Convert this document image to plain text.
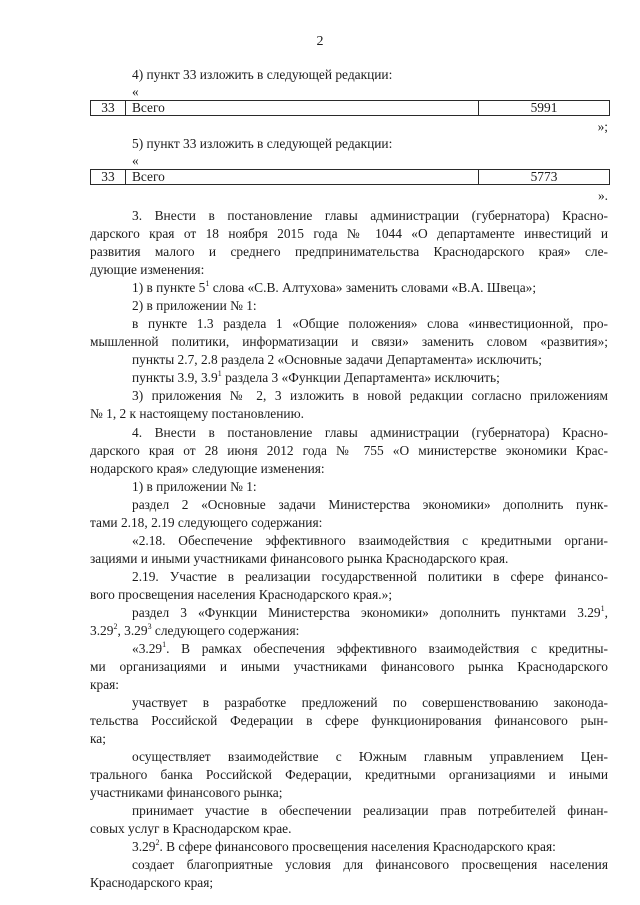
2
4) пункт 33 изложить в следующей редакции:
«
33	Всего	5991
»;
5) пункт 33 изложить в следующей редакции:
«
33	Всего	5773
».
3. Внести в постановление главы администрации (губернатора) Красно-
дарского края от 18 ноября 2015 года № 1044 «О департаменте инвестиций и
развития малого и среднего предпринимательства Краснодарского края» сле-
дующие изменения:
1) в пункте $5^1$ слова «С.В. Алтухова» заменить словами «В.А. Швеца»;
2) в приложении № 1:
в пункте 1.3 раздела 1 «Общие положения» слова «инвестиционной, про-
мышленной политики, информатизации и связи» заменить словом «развития»;
пункты 2.7, 2.8 раздела 2 «Основные задачи Департамента» исключить;
пункты 3.9, $3.9^1$ раздела 3 «Функции Департамента» исключить;
3) приложения № 2, 3 изложить в новой редакции согласно приложениям
№ 1, 2 к настоящему постановлению.
4. Внести в постановление главы администрации (губернатора) Красно-
дарского края от 28 июня 2012 года № 755 «О министерстве экономики Крас-
нодарского края» следующие изменения:
1) в приложении № 1:
раздел 2 «Основные задачи Министерства экономики» дополнить пунк-
тами 2.18, 2.19 следующего содержания:
«2.18. Обеспечение эффективного взаимодействия с кредитными органи-
зациями и иными участниками финансового рынка Краснодарского края.
2.19. Участие в реализации государственной политики в сфере финансо-
вого просвещения населения Краснодарского края.»;
раздел 3 «Функции Министерства экономики» дополнить пунктами 3.29$^1$,
3.29$^2$, 3.29$^3$ следующего содержания:
«3.29$^1$. В рамках обеспечения эффективного взаимодействия с кредитны-
ми организациями и иными участниками финансового рынка Краснодарского
края:
участвует в разработке предложений по совершенствованию законода-
тельства Российской Федерации в сфере функционирования финансового рын-
ка;
осуществляет взаимодействие с Южным главным управлением Цен-
трального банка Российской Федерации, кредитными организациями и иными
участниками финансового рынка;
принимает участие в обеспечении реализации прав потребителей финан-
совых услуг в Краснодарском крае.
3.29$^2$. В сфере финансового просвещения населения Краснодарского края:
создает благоприятные условия для финансового просвещения населения
Краснодарского края;
